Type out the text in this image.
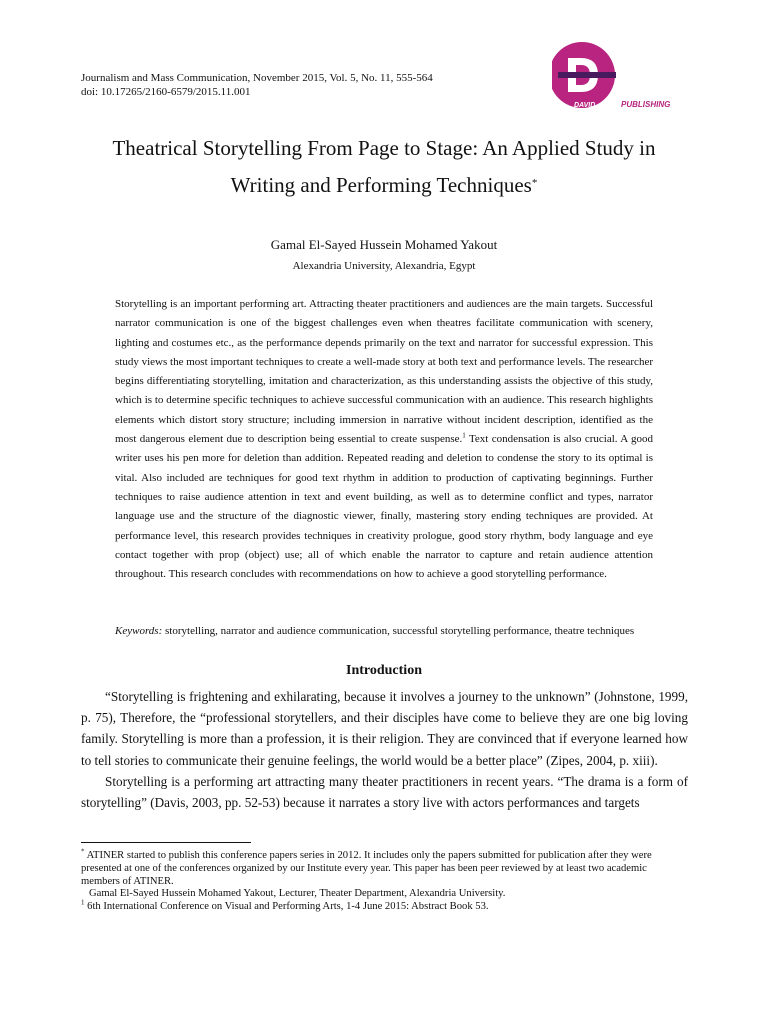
Journalism and Mass Communication, November 2015, Vol. 5, No. 11, 555-564
doi: 10.17265/2160-6579/2015.11.001
DAVID	PUBLISHING
Theatrical Storytelling From Page to Stage: An Applied Study in
Writing and Performing Techniques*
Gamal El-Sayed Hussein Mohamed Yakout
Alexandria University, Alexandria, Egypt
Storytelling is an important performing art. Attracting theater practitioners and audiences are the main targets. Successful narrator communication is one of the biggest challenges even when theatres facilitate communication with scenery, lighting and costumes etc., as the performance depends primarily on the text and narrator for successful expression. This study views the most important techniques to create a well-made story at both text and performance levels. The researcher begins differentiating storytelling, imitation and characterization, as this understanding assists the objective of this study, which is to determine specific techniques to achieve successful communication with an audience. This research highlights elements which distort story structure; including immersion in narrative without incident description, identified as the most dangerous element due to description being essential to create suspense.$^1$ Text condensation is also crucial. A good writer uses his pen more for deletion than addition. Repeated reading and deletion to condense the story to its optimal is vital. Also included are techniques for good text rhythm in addition to production of captivating beginnings. Further techniques to raise audience attention in text and event building, as well as to determine conflict and types, narrator language use and the structure of the diagnostic viewer, finally, mastering story ending techniques are provided. At performance level, this research provides techniques in creativity prologue, good story rhythm, body language and eye contact together with prop (object) use; all of which enable the narrator to capture and retain audience attention throughout. This research concludes with recommendations on how to achieve a good storytelling performance.
Keywords: storytelling, narrator and audience communication, successful storytelling performance, theatre techniques
Introduction

“Storytelling is frightening and exhilarating, because it involves a journey to the unknown” (Johnstone, 1999, p. 75), Therefore, the “professional storytellers, and their disciples have come to believe they are one big loving family. Storytelling is more than a profession, it is their religion. They are convinced that if everyone learned how to tell stories to communicate their genuine feelings, the world would be a better place” (Zipes, 2004, p. xiii).

Storytelling is a performing art attracting many theater practitioners in recent years. “The drama is a form of storytelling” (Davis, 2003, pp. 52-53) because it narrates a story live with actors performances and targets

* ATINER started to publish this conference papers series in 2012. It includes only the papers submitted for publication after they were presented at one of the conferences organized by our Institute every year. This paper has been peer reviewed by at least two academic members of ATINER.

Gamal El-Sayed Hussein Mohamed Yakout, Lecturer, Theater Department, Alexandria University.

$^1$ 6th International Conference on Visual and Performing Arts, 1-4 June 2015: Abstract Book 53.
